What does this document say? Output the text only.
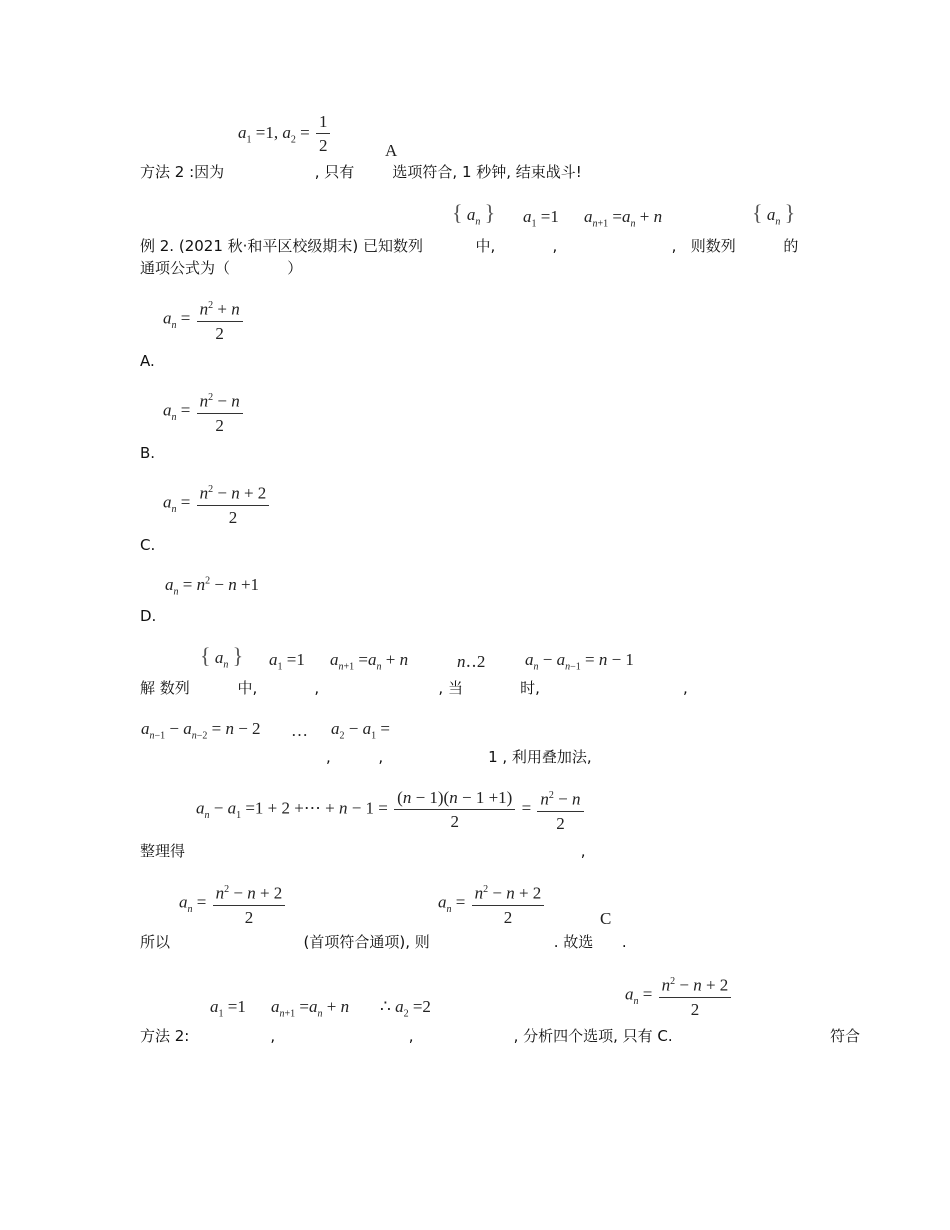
$a_1 =1$, $a_2 = \frac{1}{2}$	A
方法 2 :因为                   , 只有        选项符合, 1 秒钟, 结束战斗!
{ $a_n$ } $a_1 =1$ $a_{n+1} =a_n + n$	{ $a_n$ }
例 2. (2021 秋·和平区校级期末) 已知数列           中,            ,                        ,   则数列          的
通项公式为（            ）
$a_n = \frac{n^2 + n}{2}$
A.
$a_n = \frac{n^2 - n}{2}$
B.
$a_n = \frac{n^2 - n + 2}{2}$
C.
$a_n = n^2 - n +1$
D.
{ $a_n$ } $a_1 =1$ $a_{n+1} =a_n + n$	n‥2 $a_n - a_{n-1} = n - 1$
解 数列          中,            ,                         , 当            时,                              ,
$a_{n-1} - a_{n-2} = n - 2$ … $a_2 - a_1$ =
,          ,                      1 , 利用叠加法,
$a_n - a_1 =1 + 2$ +⋯ + $n - 1 = \frac{(n - 1)(n - 1 +1)}{2} = \frac{n^2 - n}{2}$
整理得                                                                                   ,
$a_n = \frac{n^2 - n + 2}{2}$	$a_n = \frac{n^2 - n + 2}{2}$	C
所以                            (首项符合通项), 则                          . 故选      .
$a_1 =1$ $a_{n+1} =a_n + n$ ∴ $a_2 =2$
$a_n = \frac{n^2 - n + 2}{2}$
方法 2:                 ,                            ,                     , 分析四个选项, 只有 C.                                 符合
